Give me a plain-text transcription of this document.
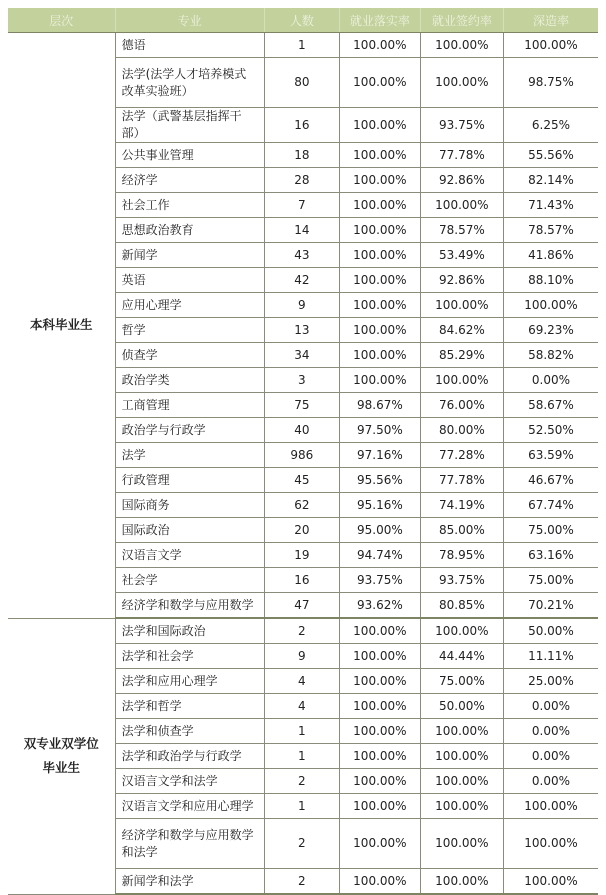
层次	专业	人数	就业落实率	就业签约率	深造率
本科毕业生	德语	1	100.00%	100.00%	100.00%
	法学(法学人才培养模式改革实验班）	80	100.00%	100.00%	98.75%
	法学（武警基层指挥干部）	16	100.00%	93.75%	6.25%
	公共事业管理	18	100.00%	77.78%	55.56%
	经济学	28	100.00%	92.86%	82.14%
	社会工作	7	100.00%	100.00%	71.43%
	思想政治教育	14	100.00%	78.57%	78.57%
	新闻学	43	100.00%	53.49%	41.86%
	英语	42	100.00%	92.86%	88.10%
	应用心理学	9	100.00%	100.00%	100.00%
	哲学	13	100.00%	84.62%	69.23%
	侦查学	34	100.00%	85.29%	58.82%
	政治学类	3	100.00%	100.00%	0.00%
	工商管理	75	98.67%	76.00%	58.67%
	政治学与行政学	40	97.50%	80.00%	52.50%
	法学	986	97.16%	77.28%	63.59%
	行政管理	45	95.56%	77.78%	46.67%
	国际商务	62	95.16%	74.19%	67.74%
	国际政治	20	95.00%	85.00%	75.00%
	汉语言文学	19	94.74%	78.95%	63.16%
	社会学	16	93.75%	93.75%	75.00%
	经济学和数学与应用数学	47	93.62%	80.85%	70.21%
双专业双学位毕业生	法学和国际政治	2	100.00%	100.00%	50.00%
	法学和社会学	9	100.00%	44.44%	11.11%
	法学和应用心理学	4	100.00%	75.00%	25.00%
	法学和哲学	4	100.00%	50.00%	0.00%
	法学和侦查学	1	100.00%	100.00%	0.00%
	法学和政治学与行政学	1	100.00%	100.00%	0.00%
	汉语言文学和法学	2	100.00%	100.00%	0.00%
	汉语言文学和应用心理学	1	100.00%	100.00%	100.00%
	经济学和数学与应用数学和法学	2	100.00%	100.00%	100.00%
	新闻学和法学	2	100.00%	100.00%	100.00%
